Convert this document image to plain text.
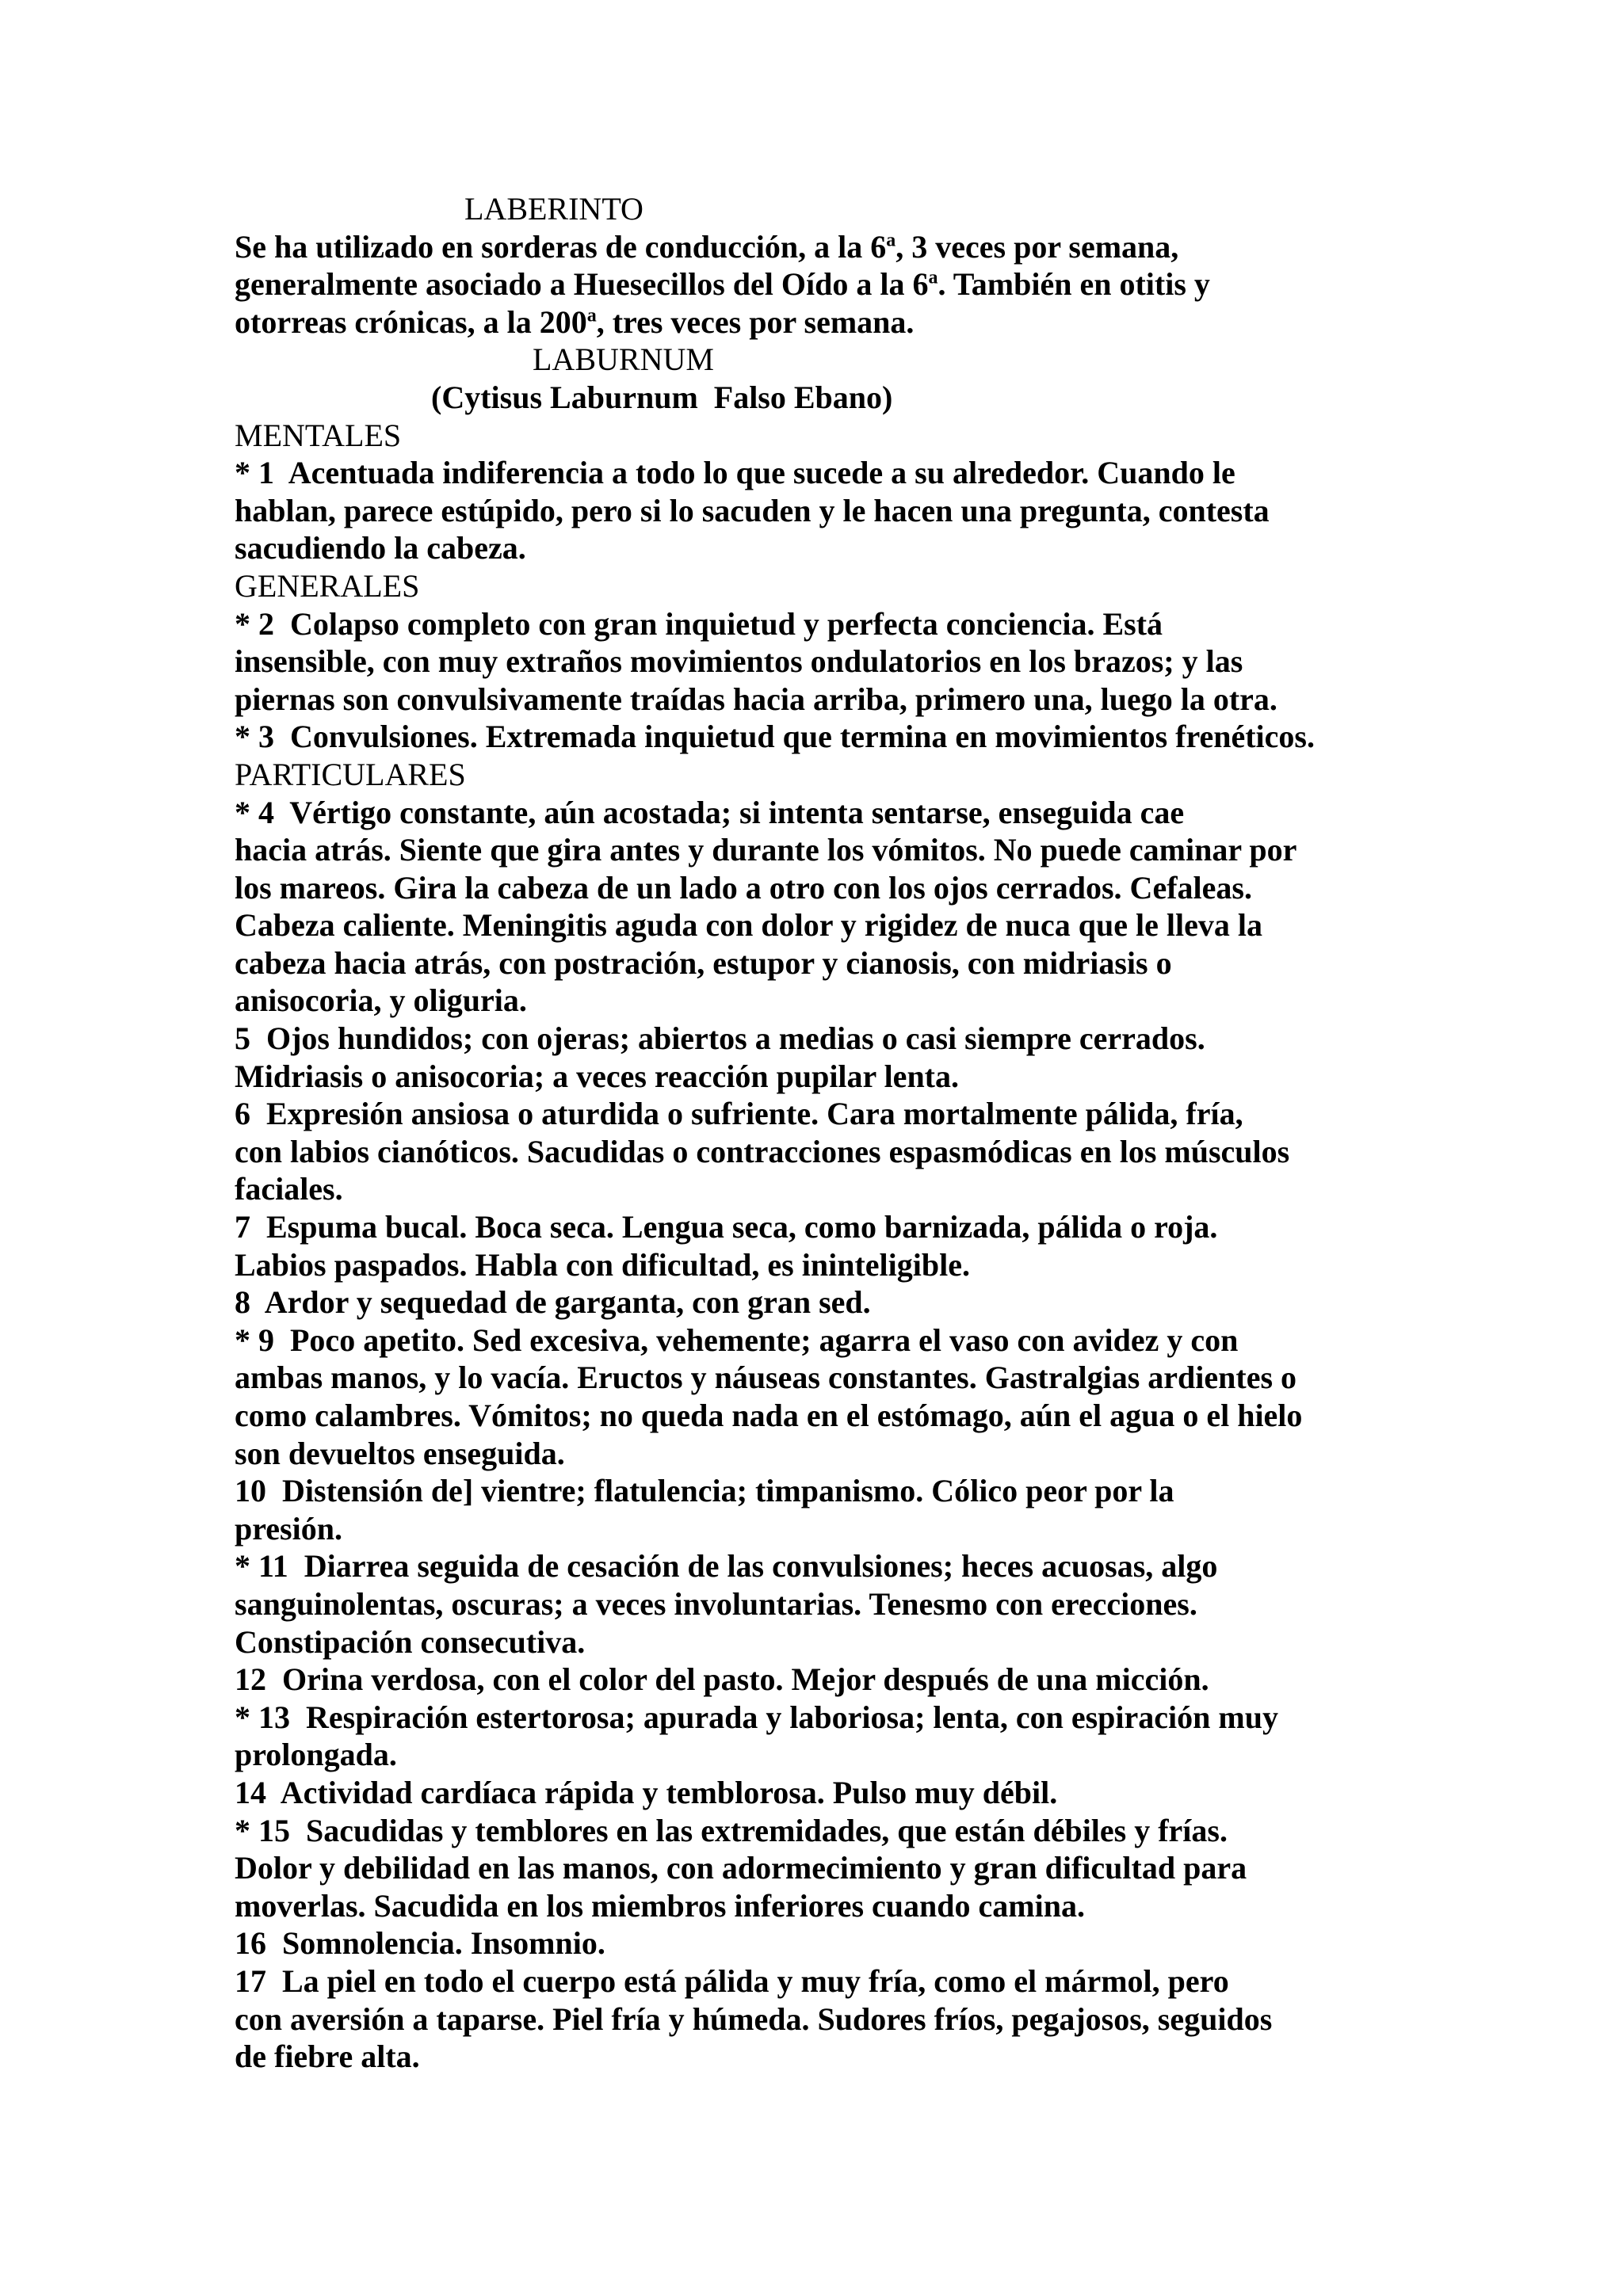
LABERINTO
Se ha utilizado en sorderas de conducción, a la 6$^a$, 3 veces por semana,
generalmente asociado a Huesecillos del Oído a la 6$^a$. También en otitis y
otorreas crónicas, a la 200$^a$, tres veces por semana.
LABURNUM
(Cytisus Laburnum  Falso Ebano)
MENTALES
* 1  Acentuada indiferencia a todo lo que sucede a su alrededor. Cuando le
hablan, parece estúpido, pero si lo sacuden y le hacen una pregunta, contesta
sacudiendo la cabeza.
GENERALES
* 2  Colapso completo con gran inquietud y perfecta conciencia. Está
insensible, con muy extraños movimientos ondulatorios en los brazos; y las
piernas son convulsivamente traídas hacia arriba, primero una, luego la otra.
* 3  Convulsiones. Extremada inquietud que termina en movimientos frenéticos.
PARTICULARES
* 4  Vértigo constante, aún acostada; si intenta sentarse, enseguida cae
hacia atrás. Siente que gira antes y durante los vómitos. No puede caminar por
los mareos. Gira la cabeza de un lado a otro con los ojos cerrados. Cefaleas.
Cabeza caliente. Meningitis aguda con dolor y rigidez de nuca que le lleva la
cabeza hacia atrás, con postración, estupor y cianosis, con midriasis o
anisocoria, y oliguria.
5  Ojos hundidos; con ojeras; abiertos a medias o casi siempre cerrados.
Midriasis o anisocoria; a veces reacción pupilar lenta.
6  Expresión ansiosa o aturdida o sufriente. Cara mortalmente pálida, fría,
con labios cianóticos. Sacudidas o contracciones espasmódicas en los músculos
faciales.
7  Espuma bucal. Boca seca. Lengua seca, como barnizada, pálida o roja.
Labios paspados. Habla con dificultad, es ininteligible.
8  Ardor y sequedad de garganta, con gran sed.
* 9  Poco apetito. Sed excesiva, vehemente; agarra el vaso con avidez y con
ambas manos, y lo vacía. Eructos y náuseas constantes. Gastralgias ardientes o
como calambres. Vómitos; no queda nada en el estómago, aún el agua o el hielo
son devueltos enseguida.
10  Distensión de] vientre; flatulencia; timpanismo. Cólico peor por la
presión.
* 11  Diarrea seguida de cesación de las convulsiones; heces acuosas, algo
sanguinolentas, oscuras; a veces involuntarias. Tenesmo con erecciones.
Constipación consecutiva.
12  Orina verdosa, con el color del pasto. Mejor después de una micción.
* 13  Respiración estertorosa; apurada y laboriosa; lenta, con espiración muy
prolongada.
14  Actividad cardíaca rápida y temblorosa. Pulso muy débil.
* 15  Sacudidas y temblores en las extremidades, que están débiles y frías.
Dolor y debilidad en las manos, con adormecimiento y gran dificultad para
moverlas. Sacudida en los miembros inferiores cuando camina.
16  Somnolencia. Insomnio.
17  La piel en todo el cuerpo está pálida y muy fría, como el mármol, pero
con aversión a taparse. Piel fría y húmeda. Sudores fríos, pegajosos, seguidos
de fiebre alta.
